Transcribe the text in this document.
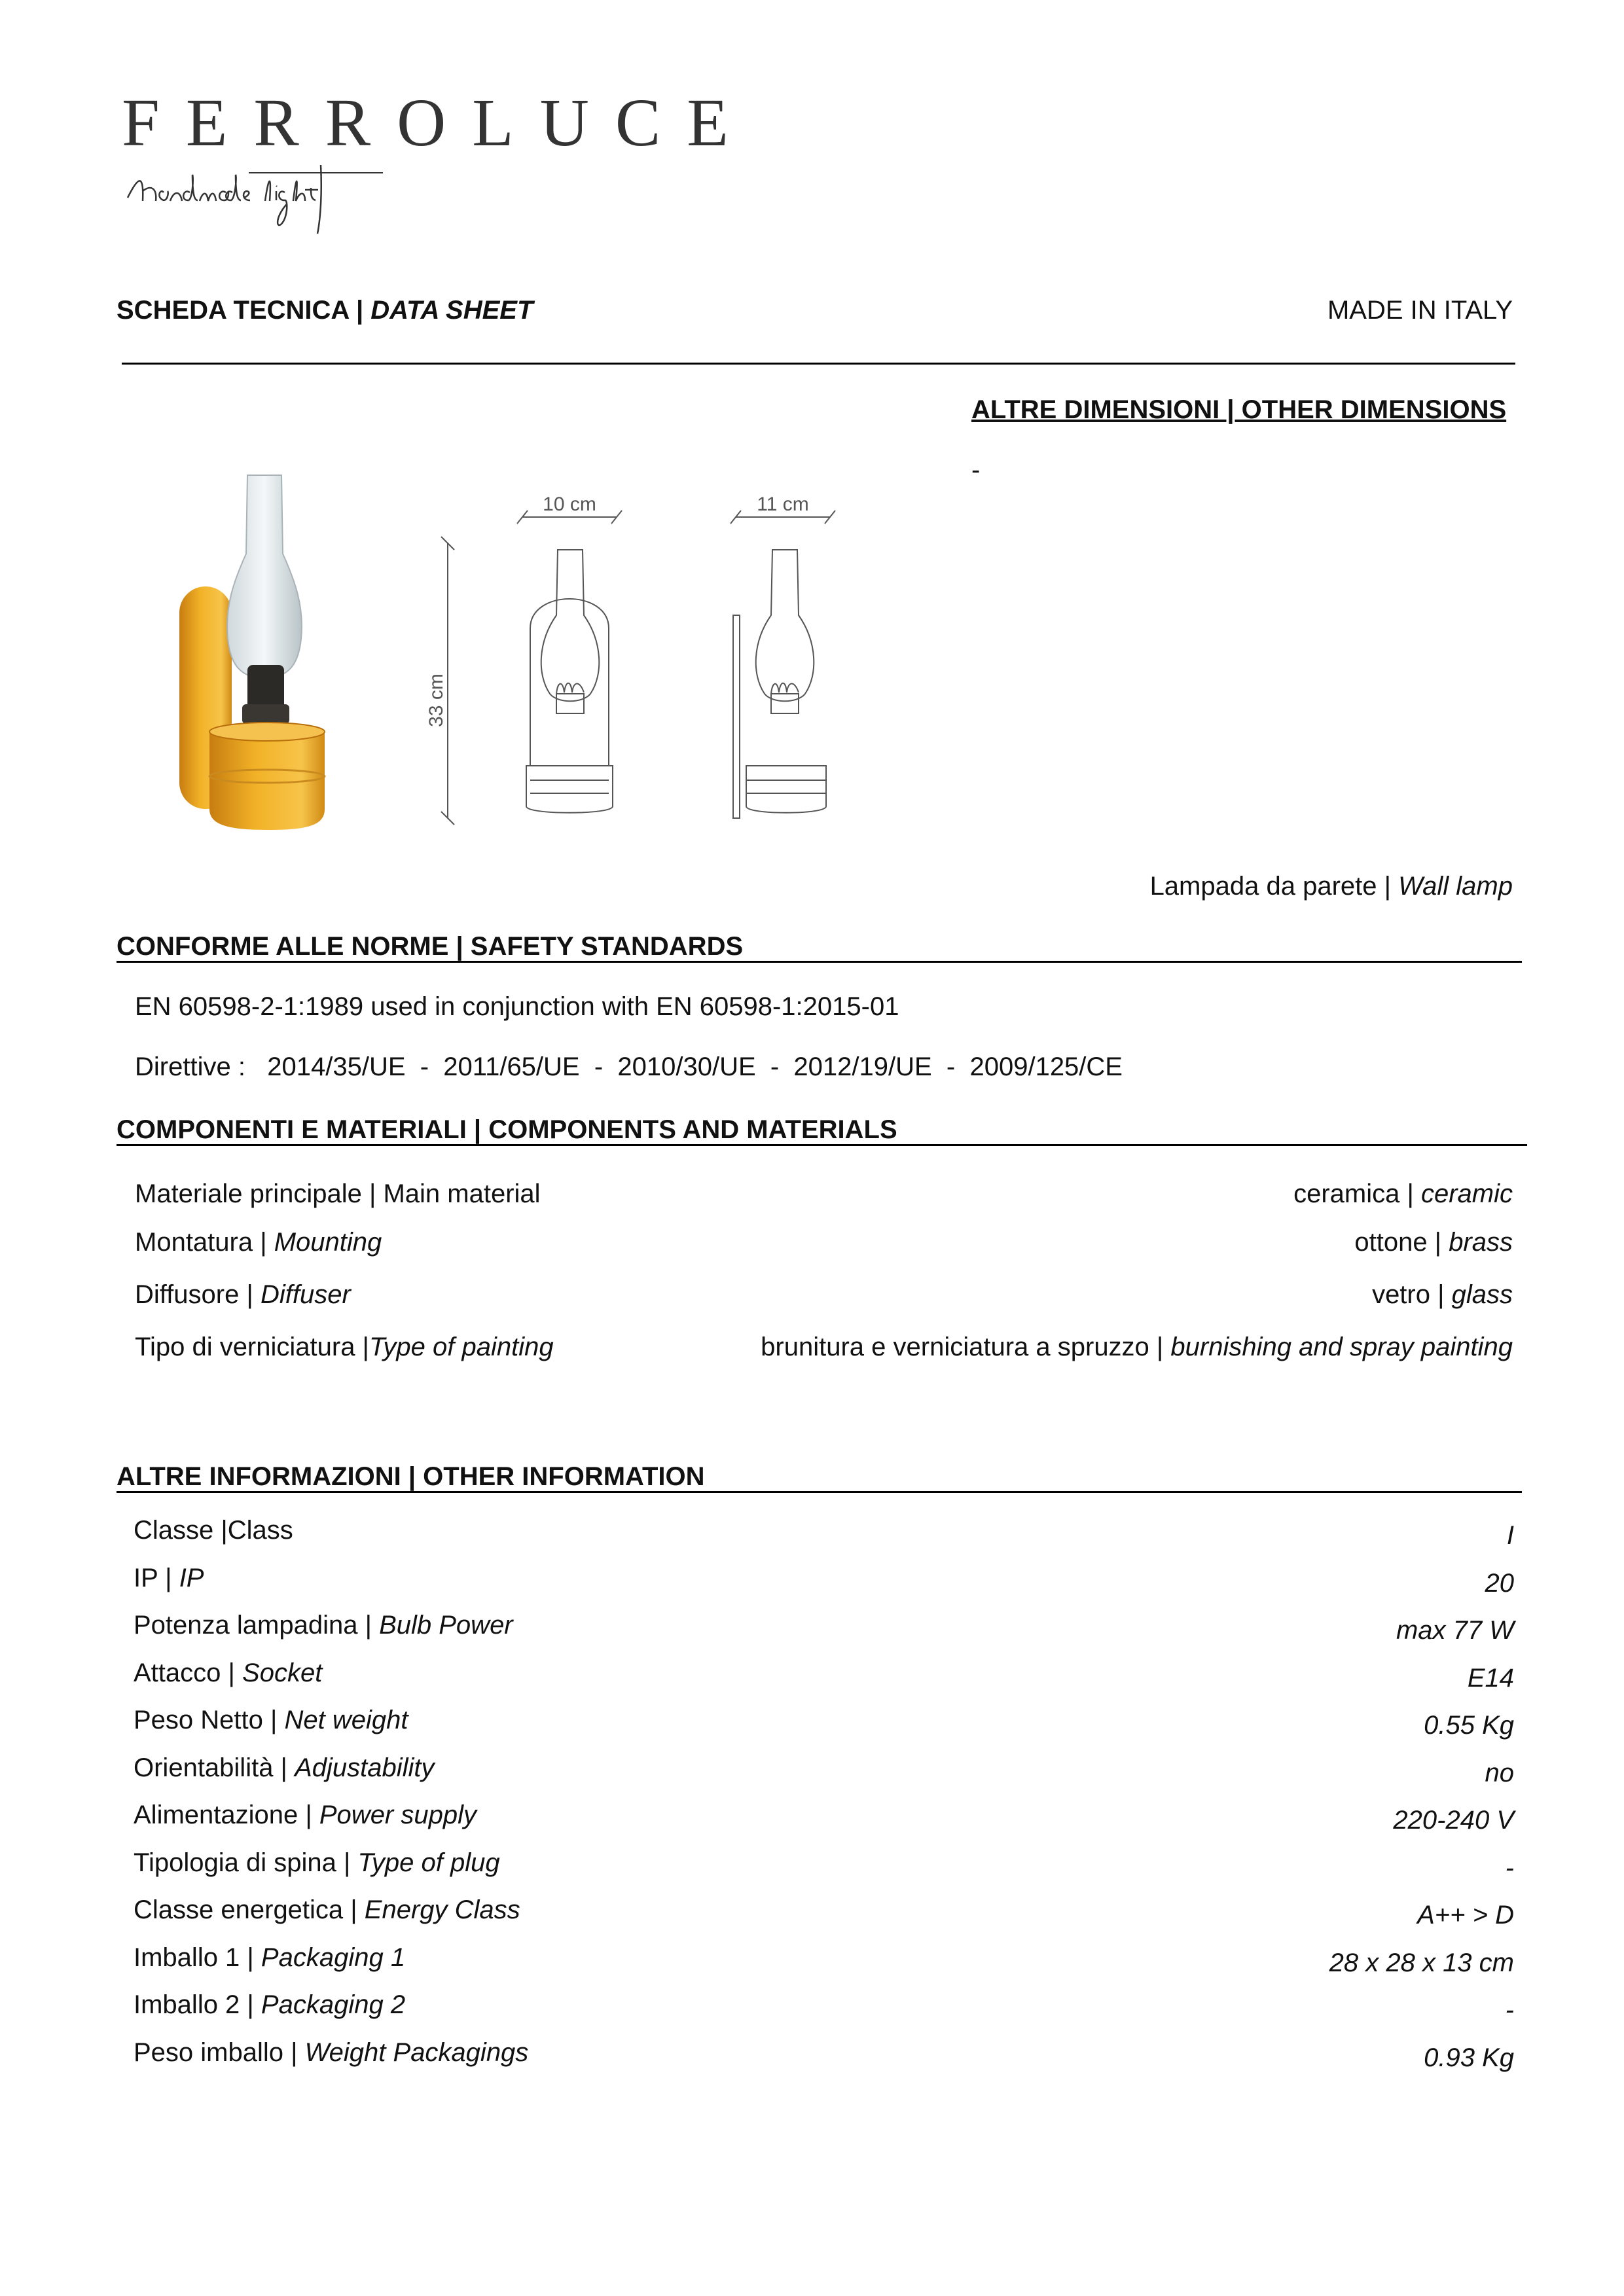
FERROLUCE
SCHEDA TECNICA | DATA SHEET	MADE IN ITALY
ALTRE DIMENSIONI | OTHER DIMENSIONS
-
33 cm
10 cm	11 cm
Lampada da parete | Wall lamp
CONFORME ALLE NORME | SAFETY STANDARDS
EN 60598-2-1:1989 used in conjunction with EN 60598-1:2015-01
Direttive :   2014/35/UE  -  2011/65/UE  -  2010/30/UE  -  2012/19/UE  -  2009/125/CE
COMPONENTI E MATERIALI | COMPONENTS AND MATERIALS
Materiale principale | Main material	ceramica | ceramic
Montatura | Mounting	ottone | brass
Diffusore | Diffuser	vetro | glass
Tipo di verniciatura |Type of painting	brunitura e verniciatura a spruzzo | burnishing and spray painting
ALTRE INFORMAZIONI | OTHER INFORMATION
Classe |Class	I
IP | IP	20
Potenza lampadina | Bulb Power	max 77 W
Attacco | Socket	E14
Peso Netto | Net weight	0.55 Kg
Orientabilità | Adjustability	no
Alimentazione | Power supply	220-240 V
Tipologia di spina | Type of plug	-
Classe energetica | Energy Class	A++ > D
Imballo 1 | Packaging 1	28 x 28 x 13 cm
Imballo 2 | Packaging 2	-
Peso imballo | Weight Packagings	0.93 Kg
